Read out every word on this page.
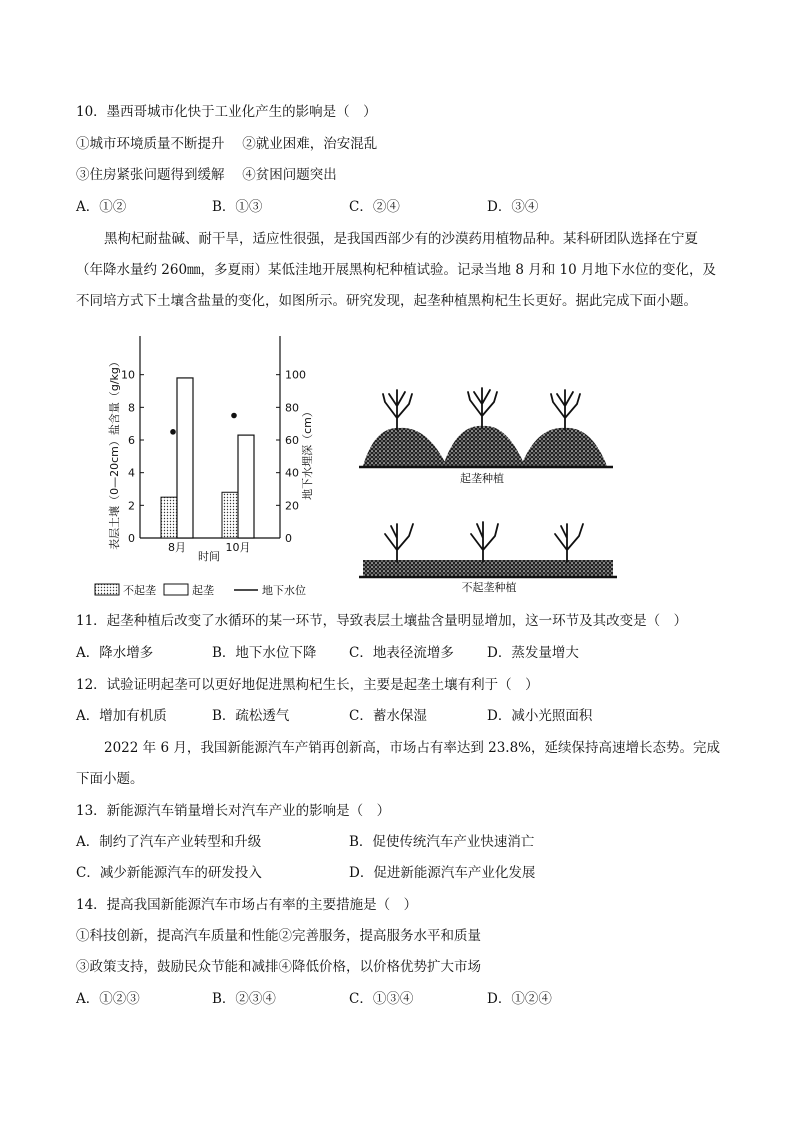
10．墨西哥城市化快于工业化产生的影响是（　）
①城市环境质量不断提升　 ②就业困难，治安混乱
③住房紧张问题得到缓解　 ④贫困问题突出
A．①②	B．①③	C．②④	D．③④
黑枸杞耐盐碱、耐干旱，适应性很强，是我国西部少有的沙漠药用植物品种。某科研团队选择在宁夏
（年降水量约 260㎜，多夏雨）某低洼地开展黑枸杞种植试验。记录当地 8 月和 10 月地下水位的变化，及
不同培方式下土壤含盐量的变化，如图所示。研究发现，起垄种植黑枸杞生长更好。据此完成下面小题。
0
2
4
6
8
10
0
20
40
60
80
100
8月	10月
表层土壤（0—20cm）盐含量（g/kg）	地下水埋深（cm）
时间
不起垄	起垄	地下水位
起垄种植
不起垄种植
11．起垄种植后改变了水循环的某一环节，导致表层土壤盐含量明显增加，这一环节及其改变是（　）
A．降水增多	B．地下水位下降 C．地表径流增多 D．蒸发量增大
12．试验证明起垄可以更好地促进黑枸杞生长，主要是起垄土壤有利于（　）
A．增加有机质	B．疏松透气	C．蓄水保湿	D．减小光照面积
2022 年 6 月，我国新能源汽车产销再创新高，市场占有率达到 23.8%，延续保持高速增长态势。完成
下面小题。
13．新能源汽车销量增长对汽车产业的影响是（　）
A．制约了汽车产业转型和升级	B．促使传统汽车产业快速消亡
C．减少新能源汽车的研发投入	D．促进新能源汽车产业化发展
14．提高我国新能源汽车市场占有率的主要措施是（　）
①科技创新，提高汽车质量和性能②完善服务，提高服务水平和质量
③政策支持，鼓励民众节能和减排④降低价格，以价格优势扩大市场
A．①②③	B．②③④	C．①③④	D．①②④
